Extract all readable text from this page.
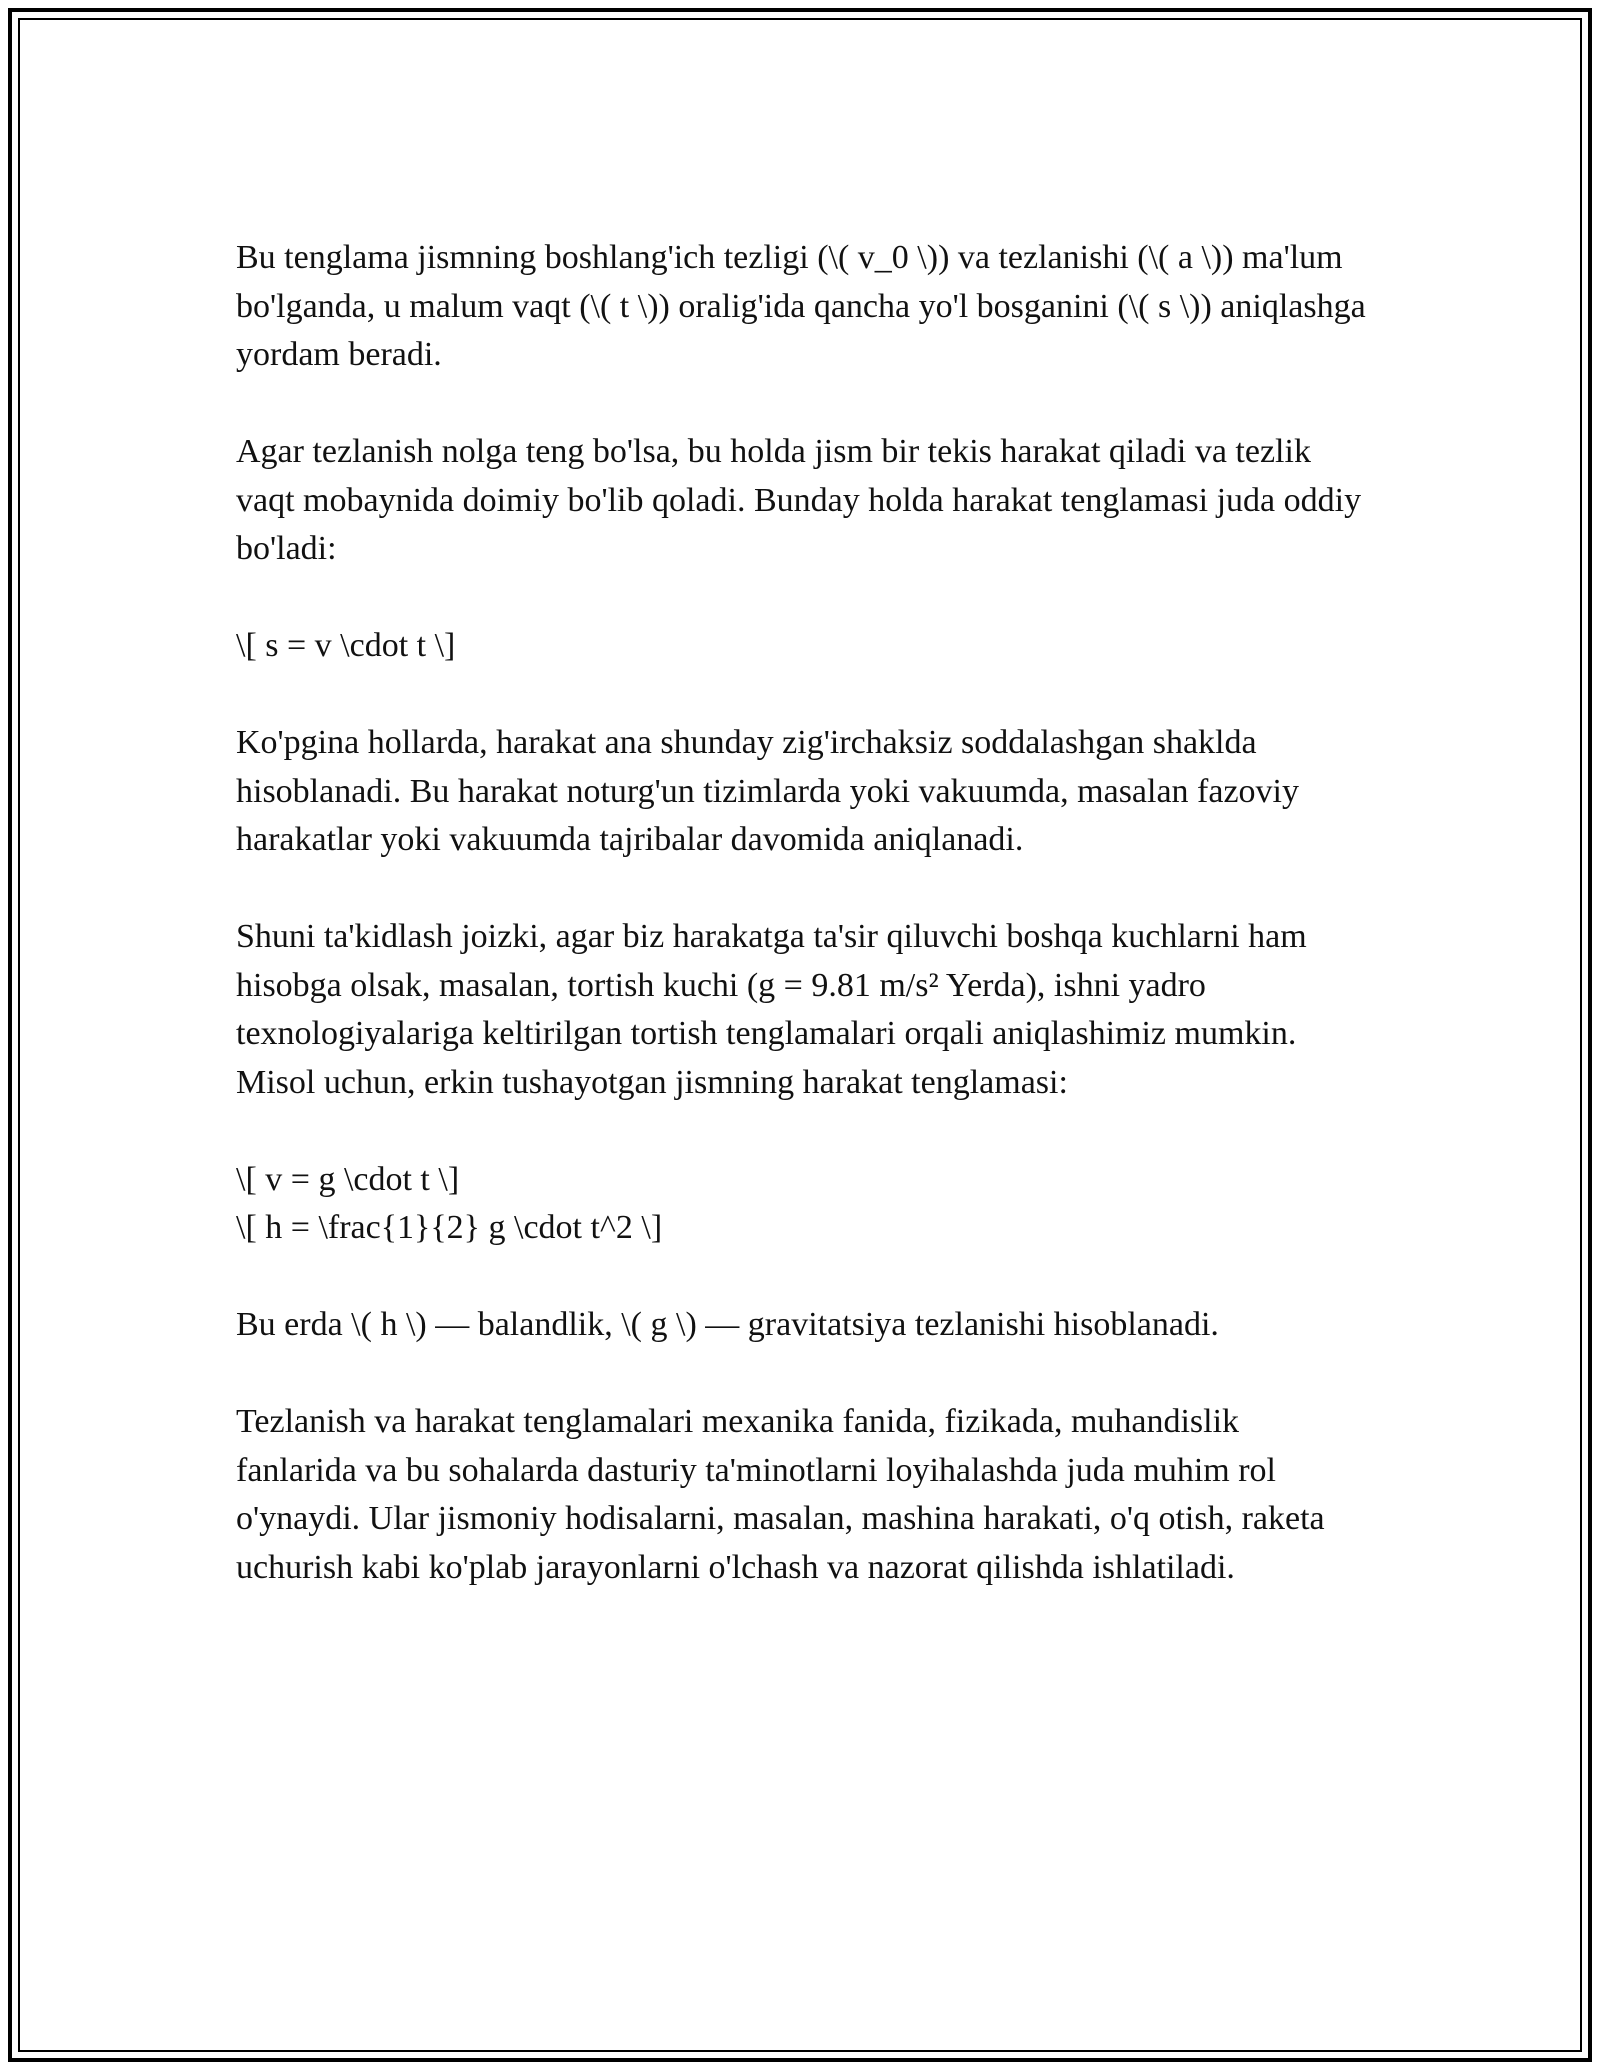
Bu tenglama jismning boshlang'ich tezligi (\( v_0 \)) va tezlanishi (\( a \)) ma'lum bo'lganda, u malum vaqt (\( t \)) oralig'ida qancha yo'l bosganini (\( s \)) aniqlashga yordam beradi.

Agar tezlanish nolga teng bo'lsa, bu holda jism bir tekis harakat qiladi va tezlik vaqt mobaynida doimiy bo'lib qoladi. Bunday holda harakat tenglamasi juda oddiy bo'ladi:

\[ s = v \cdot t \]

Ko'pgina hollarda, harakat ana shunday zig'irchaksiz soddalashgan shaklda hisoblanadi. Bu harakat noturg'un tizimlarda yoki vakuumda, masalan fazoviy harakatlar yoki vakuumda tajribalar davomida aniqlanadi.

Shuni ta'kidlash joizki, agar biz harakatga ta'sir qiluvchi boshqa kuchlarni ham hisobga olsak, masalan, tortish kuchi (g = 9.81 m/s² Yerda), ishni yadro texnologiyalariga keltirilgan tortish tenglamalari orqali aniqlashimiz mumkin. Misol uchun, erkin tushayotgan jismning harakat tenglamasi:

\[ v = g \cdot t \]
\[ h = \frac{1}{2} g \cdot t^2 \]

Bu erda \( h \) — balandlik, \( g \) — gravitatsiya tezlanishi hisoblanadi.

Tezlanish va harakat tenglamalari mexanika fanida, fizikada, muhandislik fanlarida va bu sohalarda dasturiy ta'minotlarni loyihalashda juda muhim rol o'ynaydi. Ular jismoniy hodisalarni, masalan, mashina harakati, o'q otish, raketa uchurish kabi ko'plab jarayonlarni o'lchash va nazorat qilishda ishlatiladi.
